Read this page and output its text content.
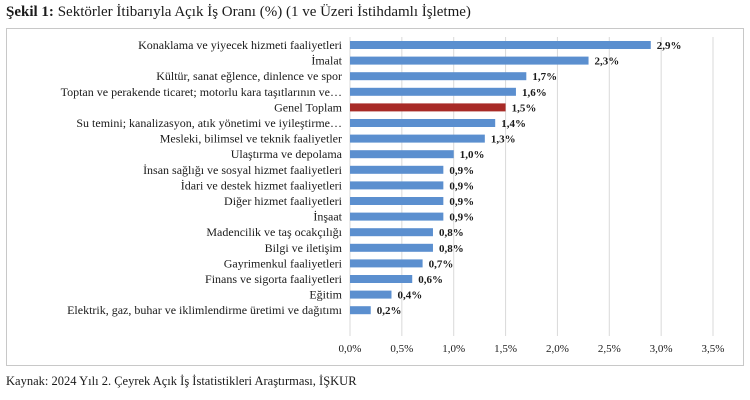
Şekil 1: Sektörler İtibarıyla Açık İş Oranı (%) (1 ve Üzeri İstihdamlı İşletme)
0,0%	0,5%	1,0%	1,5%	2,0%	2,5%	3,0%	3,5%
Konaklama ve yiyecek hizmeti faaliyetleri	2,9%
İmalat	2,3%
Kültür, sanat eğlence, dinlence ve spor	1,7%
Toptan ve perakende ticaret; motorlu kara taşıtlarının ve…	1,6%
Genel Toplam	1,5%
Su temini; kanalizasyon, atık yönetimi ve iyileştirme…	1,4%
Mesleki, bilimsel ve teknik faaliyetler	1,3%
Ulaştırma ve depolama	1,0%
İnsan sağlığı ve sosyal hizmet faaliyetleri	0,9%
İdari ve destek hizmet faaliyetleri	0,9%
Diğer hizmet faaliyetleri	0,9%
İnşaat	0,9%
Madencilik ve taş ocakçılığı	0,8%
Bilgi ve iletişim	0,8%
Gayrimenkul faaliyetleri	0,7%
Finans ve sigorta faaliyetleri	0,6%
Eğitim	0,4%
Elektrik, gaz, buhar ve iklimlendirme üretimi ve dağıtımı	0,2%
Kaynak: 2024 Yılı 2. Çeyrek Açık İş İstatistikleri Araştırması, İŞKUR
